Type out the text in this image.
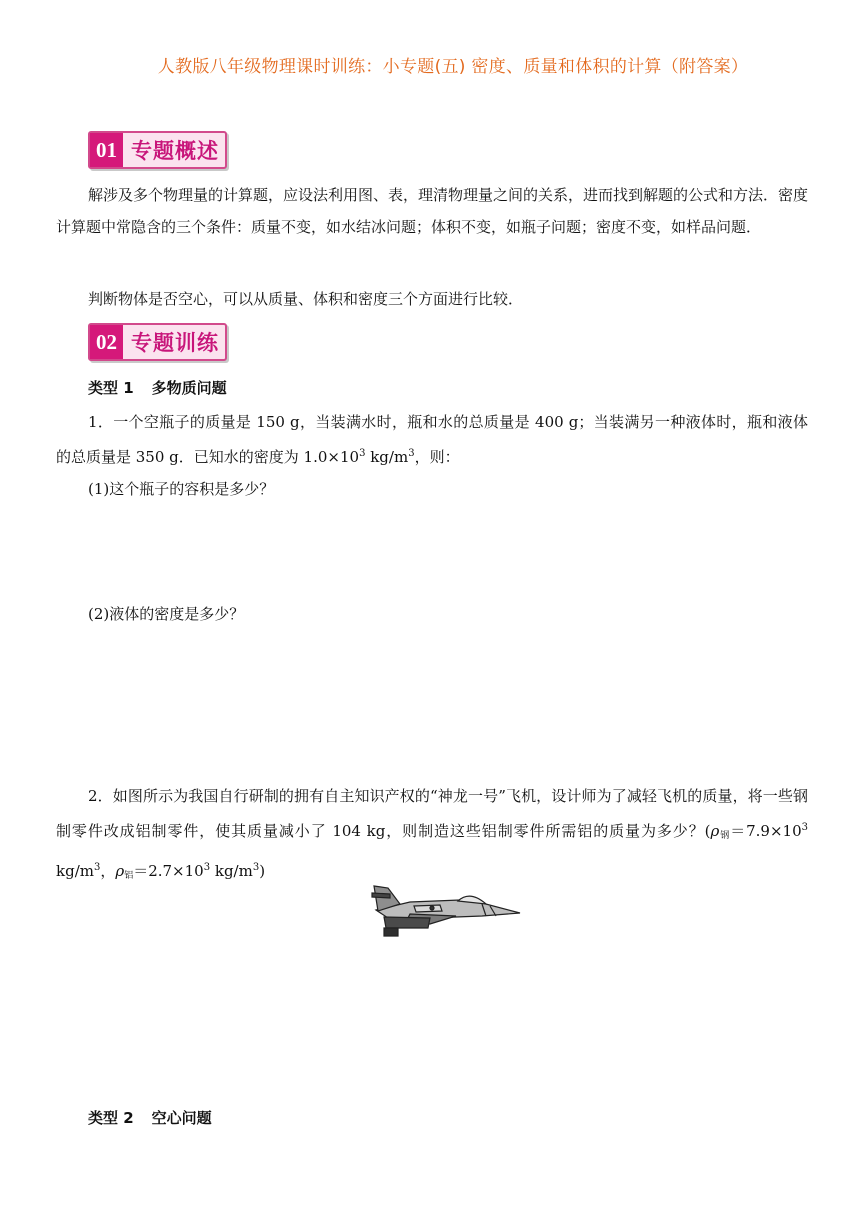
人教版八年级物理课时训练：小专题(五) 密度、质量和体积的计算（附答案）
01 专题概述

解涉及多个物理量的计算题，应设法利用图、表，理清物理量之间的关系，进而找到解题的公式和方法．密度计算题中常隐含的三个条件：质量不变，如水结冰问题；体积不变，如瓶子问题；密度不变，如样品问题．

判断物体是否空心，可以从质量、体积和密度三个方面进行比较．

02 专题训练
类型 1 多物质问题

1．一个空瓶子的质量是 150 g，当装满水时，瓶和水的总质量是 400 g；当装满另一种液体时，瓶和液体的总质量是 350 g．已知水的密度为 $1.0\times 10^3$ $kg/m^3$，则：

(1)这个瓶子的容积是多少？

(2)液体的密度是多少？

2．如图所示为我国自行研制的拥有自主知识产权的“神龙一号”飞机，设计师为了减轻飞机的质量，将一些钢制零件改成铝制零件，使其质量减小了 104 kg，则制造这些铝制零件所需铝的质量为多少？($\rho_钢=7.9\times 10^3$ $kg/m^3$，$\rho_铝=2.7\times 10^3$ $kg/m^3$)

类型 2 空心问题
